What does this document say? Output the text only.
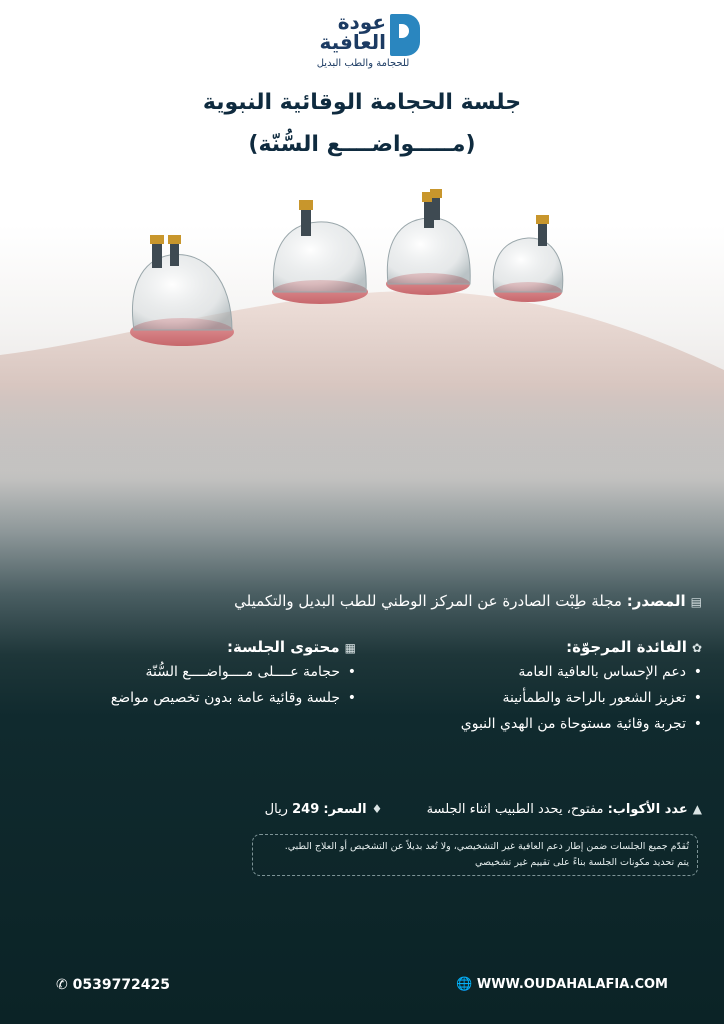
عودة
العافية
للحجامة والطب البديل
جلسة الحجامة الوقائية النبوية
(مـــــواضــــع السُّنّة)
▤المصدر: مجلة طِبْت الصادرة عن المركز الوطني للطب البديل والتكميلي
✿الفائدة المرجوّة:
• دعم الإحساس بالعافية العامة
• تعزيز الشعور بالراحة والطمأنينة
• تجربة وقائية مستوحاة من الهدي النبوي
▦محتوى الجلسة:
• حجامة عــــلى مــــواضــــع السُّنّة
• جلسة وقائية عامة بدون تخصيص مواضع
▲عدد الأكواب: مفتوح، يحدد الطبيب اثناء الجلسة  ♦السعر: 249 ريال

تُقدّم جميع الجلسات ضمن إطار دعم العافية غير التشخيصي، ولا تُعد بديلاً عن التشخيص أو العلاج الطبي.

يتم تحديد مكونات الجلسة بناءً على تقييم غير تشخيصي

✆ 0539772425	🌐 WWW.OUDAHALAFIA.COM
